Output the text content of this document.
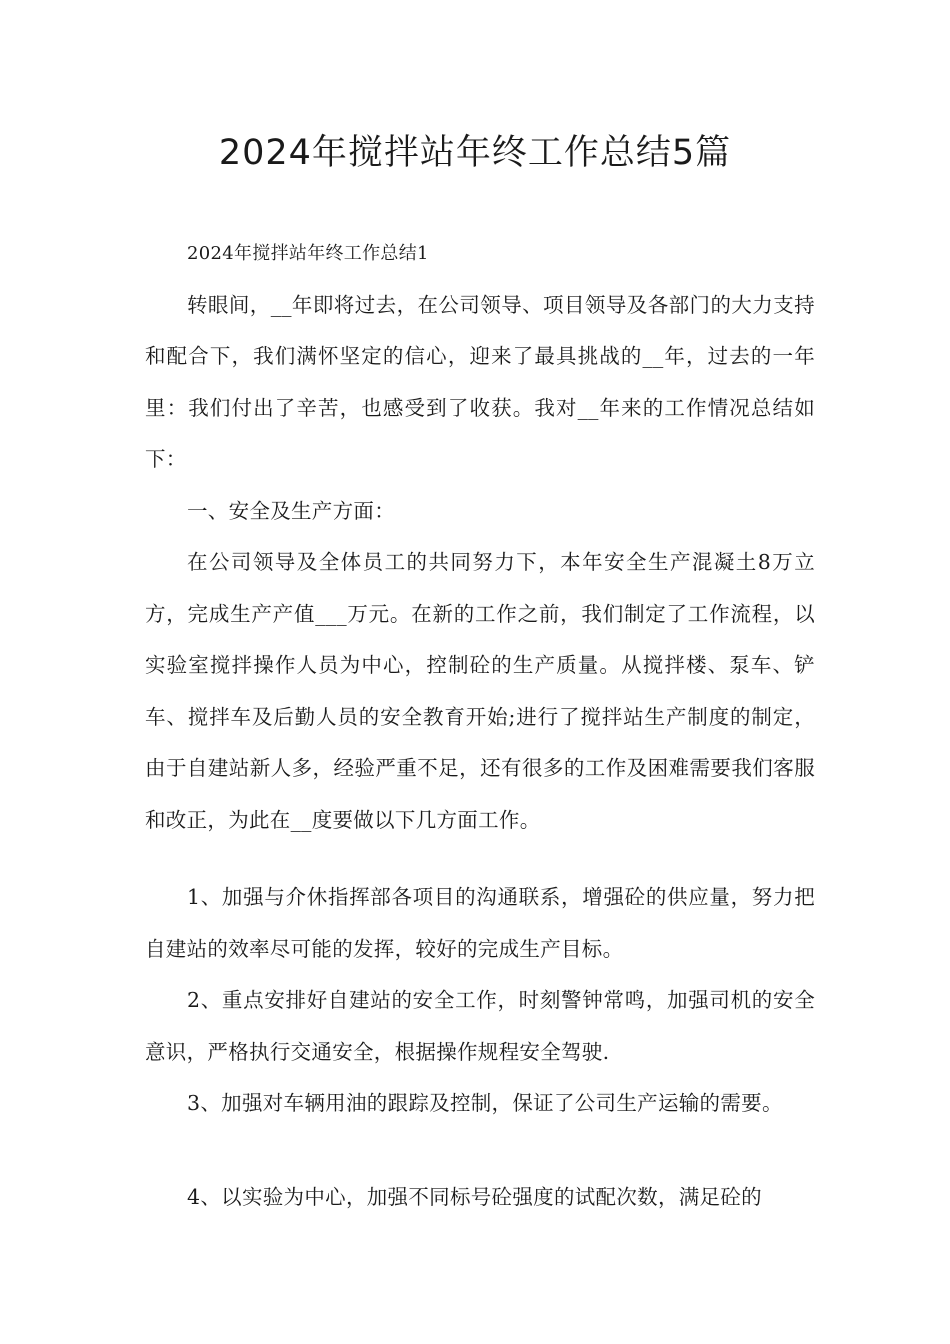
2024年搅拌站年终工作总结5篇

2024年搅拌站年终工作总结1

转眼间，__年即将过去，在公司领导、项目领导及各部门的大力支持和配合下，我们满怀坚定的信心，迎来了最具挑战的__年，过去的一年里：我们付出了辛苦，也感受到了收获。我对__年来的工作情况总结如下：

一、安全及生产方面：

在公司领导及全体员工的共同努力下，本年安全生产混凝土8万立方，完成生产产值___万元。在新的工作之前，我们制定了工作流程，以实验室搅拌操作人员为中心，控制砼的生产质量。从搅拌楼、泵车、铲车、搅拌车及后勤人员的安全教育开始;进行了搅拌站生产制度的制定，由于自建站新人多，经验严重不足，还有很多的工作及困难需要我们客服和改正，为此在__度要做以下几方面工作。

1、加强与介休指挥部各项目的沟通联系，增强砼的供应量，努力把自建站的效率尽可能的发挥，较好的完成生产目标。

2、重点安排好自建站的安全工作，时刻警钟常鸣，加强司机的安全意识，严格执行交通安全，根据操作规程安全驾驶.

3、加强对车辆用油的跟踪及控制，保证了公司生产运输的需要。

4、以实验为中心，加强不同标号砼强度的试配次数，满足砼的
